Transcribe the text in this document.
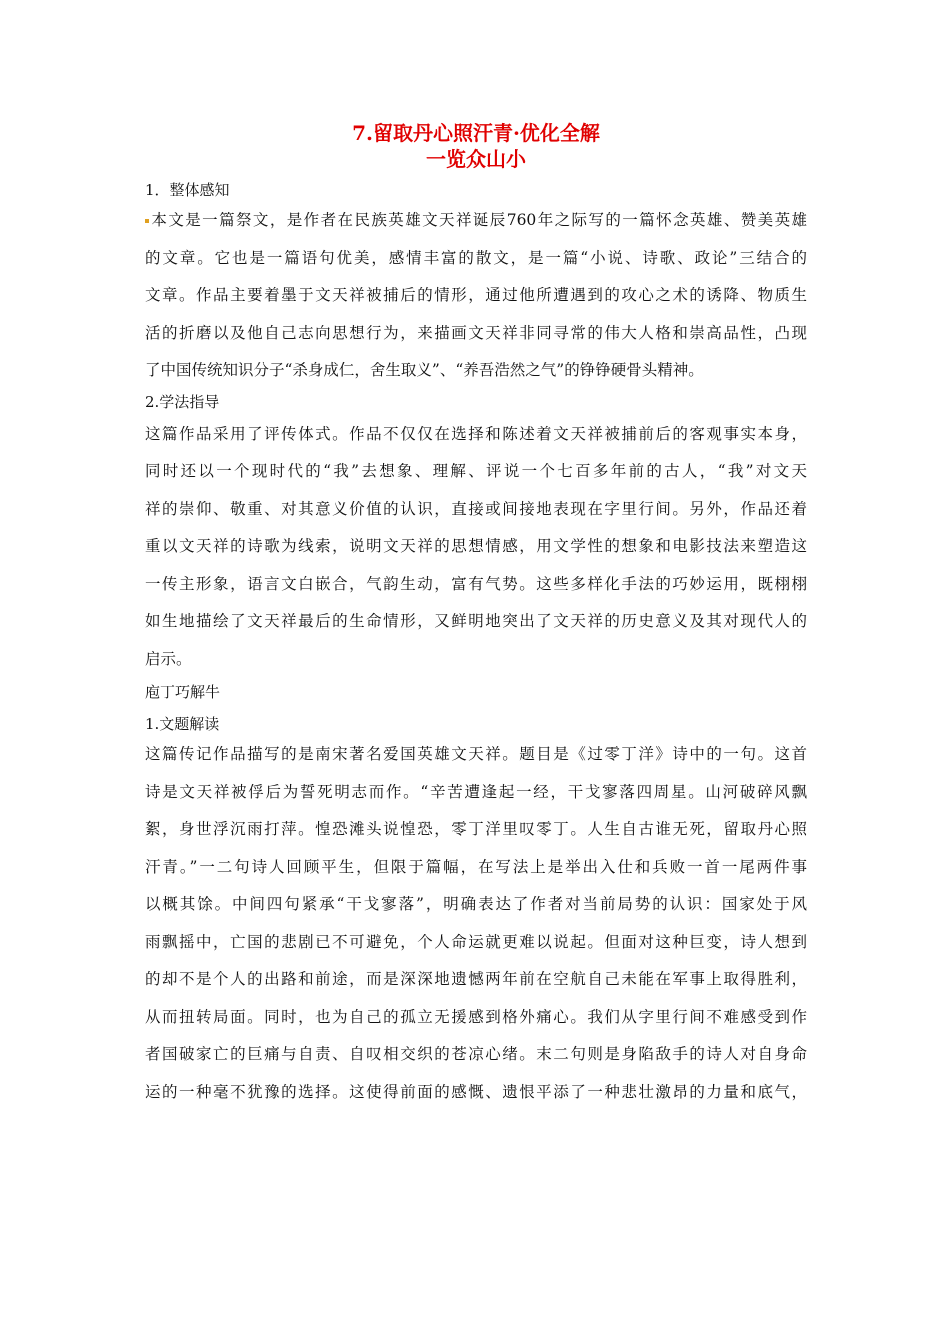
7.留取丹心照汗青·优化全解

一览众山小

1．整体感知

本文是一篇祭文，是作者在民族英雄文天祥诞辰760年之际写的一篇怀念英雄、赞美英雄
的文章。它也是一篇语句优美，感情丰富的散文，是一篇“小说、诗歌、政论”三结合的
文章。作品主要着墨于文天祥被捕后的情形，通过他所遭遇到的攻心之术的诱降、物质生
活的折磨以及他自己志向思想行为，来描画文天祥非同寻常的伟大人格和崇高品性，凸现
了中国传统知识分子“杀身成仁，舍生取义”、“养吾浩然之气”的铮铮硬骨头精神。

2.学法指导

这篇作品采用了评传体式。作品不仅仅在选择和陈述着文天祥被捕前后的客观事实本身，
同时还以一个现时代的“我”去想象、理解、评说一个七百多年前的古人，“我”对文天
祥的崇仰、敬重、对其意义价值的认识，直接或间接地表现在字里行间。另外，作品还着
重以文天祥的诗歌为线索，说明文天祥的思想情感，用文学性的想象和电影技法来塑造这
一传主形象，语言文白嵌合，气韵生动，富有气势。这些多样化手法的巧妙运用，既栩栩
如生地描绘了文天祥最后的生命情形，又鲜明地突出了文天祥的历史意义及其对现代人的
启示。

庖丁巧解牛

1.文题解读

这篇传记作品描写的是南宋著名爱国英雄文天祥。题目是《过零丁洋》诗中的一句。这首
诗是文天祥被俘后为誓死明志而作。“辛苦遭逢起一经，干戈寥落四周星。山河破碎风飘
絮，身世浮沉雨打萍。惶恐滩头说惶恐，零丁洋里叹零丁。人生自古谁无死，留取丹心照
汗青。”一二句诗人回顾平生，但限于篇幅，在写法上是举出入仕和兵败一首一尾两件事
以概其馀。中间四句紧承“干戈寥落”，明确表达了作者对当前局势的认识：国家处于风
雨飘摇中，亡国的悲剧已不可避免，个人命运就更难以说起。但面对这种巨变，诗人想到
的却不是个人的出路和前途，而是深深地遗憾两年前在空航自己未能在军事上取得胜利，
从而扭转局面。同时，也为自己的孤立无援感到格外痛心。我们从字里行间不难感受到作
者国破家亡的巨痛与自责、自叹相交织的苍凉心绪。末二句则是身陷敌手的诗人对自身命
运的一种毫不犹豫的选择。这使得前面的感慨、遗恨平添了一种悲壮激昂的力量和底气，
